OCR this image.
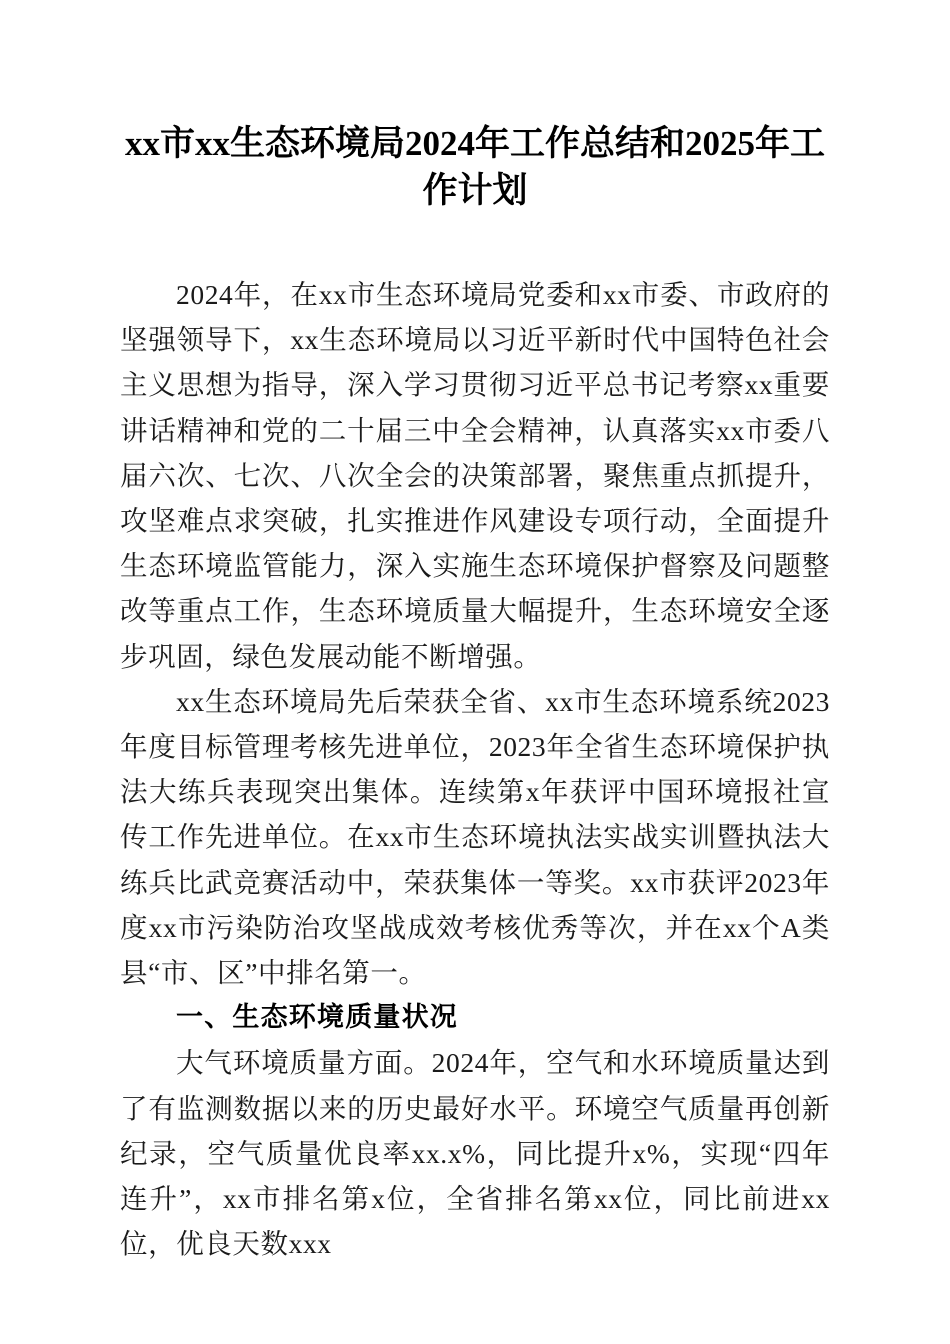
xx市xx生态环境局2024年工作总结和2025年工作计划

2024年，在xx市生态环境局党委和xx市委、市政府的坚强领导下，xx生态环境局以习近平新时代中国特色社会主义思想为指导，深入学习贯彻习近平总书记考察xx重要讲话精神和党的二十届三中全会精神，认真落实xx市委八届六次、七次、八次全会的决策部署，聚焦重点抓提升，攻坚难点求突破，扎实推进作风建设专项行动，全面提升生态环境监管能力，深入实施生态环境保护督察及问题整改等重点工作，生态环境质量大幅提升，生态环境安全逐步巩固，绿色发展动能不断增强。

xx生态环境局先后荣获全省、xx市生态环境系统2023年度目标管理考核先进单位，2023年全省生态环境保护执法大练兵表现突出集体。连续第x年获评中国环境报社宣传工作先进单位。在xx市生态环境执法实战实训暨执法大练兵比武竞赛活动中，荣获集体一等奖。xx市获评2023年度xx市污染防治攻坚战成效考核优秀等次，并在xx个A类县“市、区”中排名第一。

一、生态环境质量状况

大气环境质量方面。2024年，空气和水环境质量达到了有监测数据以来的历史最好水平。环境空气质量再创新纪录，空气质量优良率xx.x%，同比提升x%，实现“四年连升”，xx市排名第x位，全省排名第xx位，同比前进xx位，优良天数xxx
